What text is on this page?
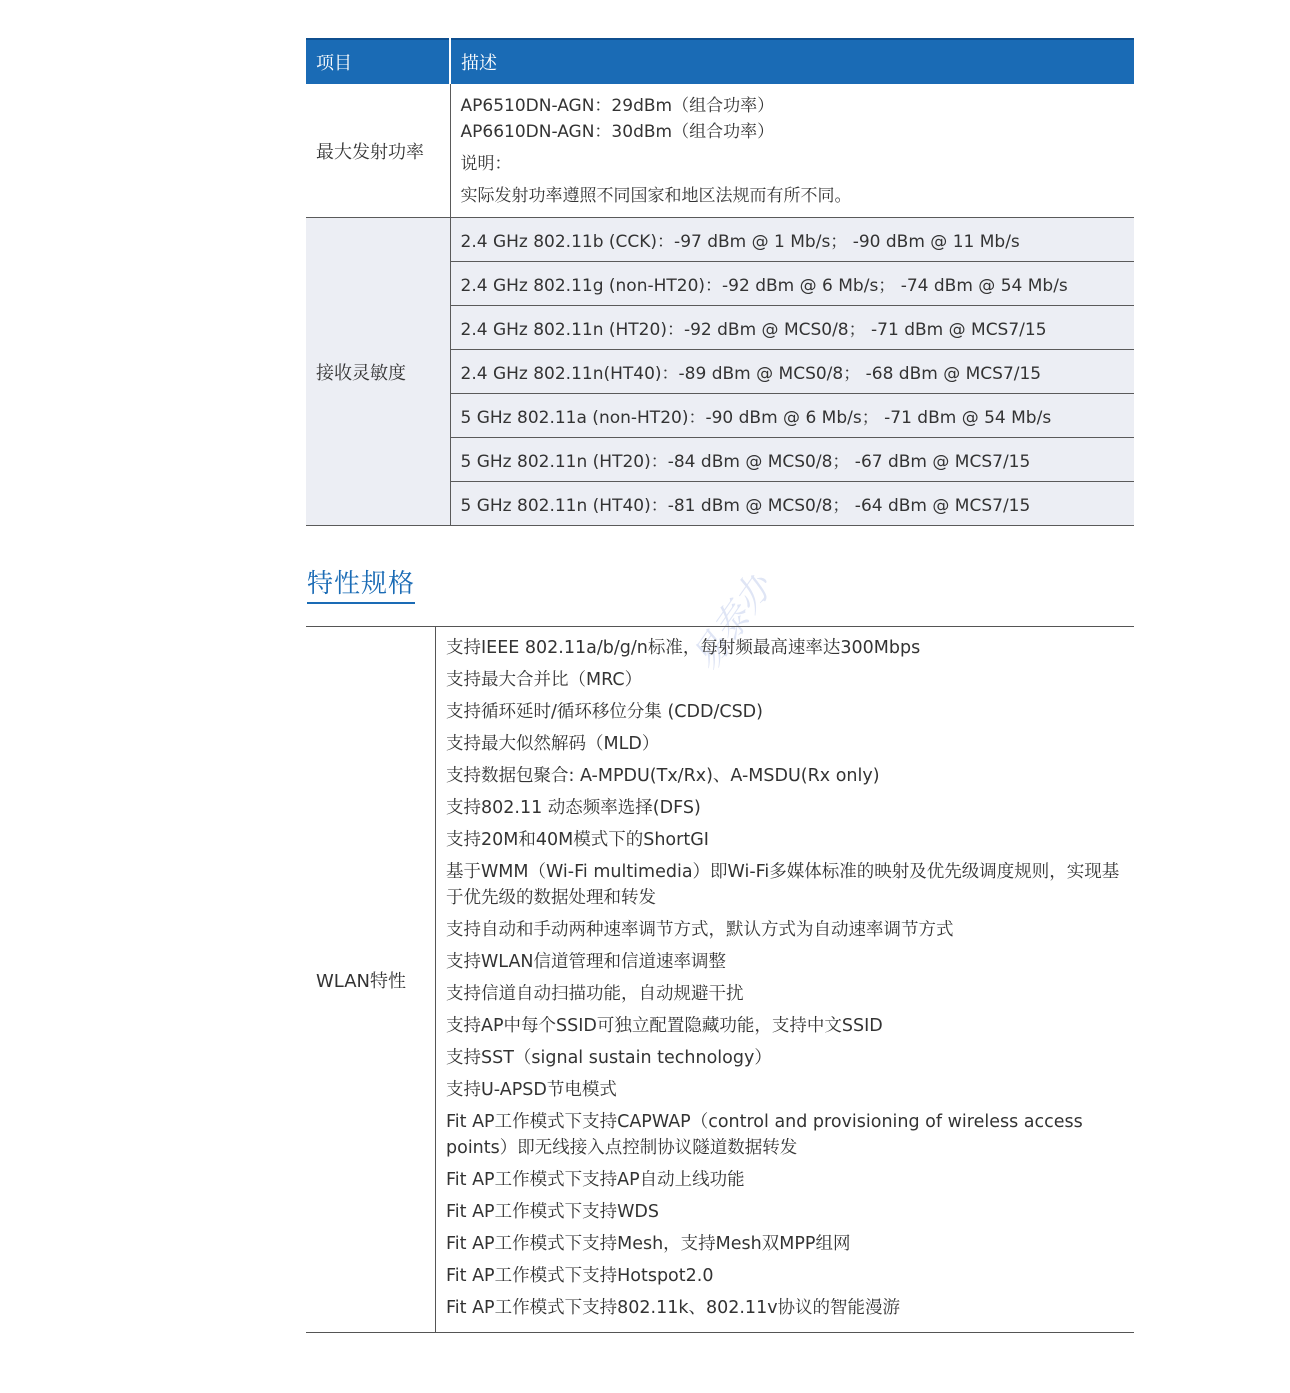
项目	描述
最大发射功率	AP6510DN-AGN：29dBm（组合功率）
AP6610DN-AGN：30dBm（组合功率）
说明：
实际发射功率遵照不同国家和地区法规而有所不同。

接收灵敏度	2.4 GHz 802.11b (CCK)：-97 dBm @ 1 Mb/s； -90 dBm @ 11 Mb/s
	2.4 GHz 802.11g (non-HT20)：-92 dBm @ 6 Mb/s； -74 dBm @ 54 Mb/s
	2.4 GHz 802.11n (HT20)：-92 dBm @ MCS0/8； -71 dBm @ MCS7/15
	2.4 GHz 802.11n(HT40)：-89 dBm @ MCS0/8； -68 dBm @ MCS7/15
	5 GHz 802.11a (non-HT20)：-90 dBm @ 6 Mb/s； -71 dBm @ 54 Mb/s
	5 GHz 802.11n (HT20)：-84 dBm @ MCS0/8； -67 dBm @ MCS7/15
	5 GHz 802.11n (HT40)：-81 dBm @ MCS0/8； -64 dBm @ MCS7/15
特性规格	易泰办
WLAN特性
支持IEEE 802.11a/b/g/n标准，每射频最高速率达300Mbps
支持最大合并比（MRC）
支持循环延时/循环移位分集 (CDD/CSD)
支持最大似然解码（MLD）
支持数据包聚合: A-MPDU(Tx/Rx)、A-MSDU(Rx only)
支持802.11 动态频率选择(DFS)
支持20M和40M模式下的ShortGI
基于WMM（Wi-Fi multimedia）即Wi-Fi多媒体标准的映射及优先级调度规则，实现基于优先级的数据处理和转发
支持自动和手动两种速率调节方式，默认方式为自动速率调节方式
支持WLAN信道管理和信道速率调整
支持信道自动扫描功能，自动规避干扰
支持AP中每个SSID可独立配置隐藏功能，支持中文SSID
支持SST（signal sustain technology）
支持U-APSD节电模式
Fit AP工作模式下支持CAPWAP（control and provisioning of wireless access points）即无线接入点控制协议隧道数据转发
Fit AP工作模式下支持AP自动上线功能
Fit AP工作模式下支持WDS
Fit AP工作模式下支持Mesh，支持Mesh双MPP组网
Fit AP工作模式下支持Hotspot2.0
Fit AP工作模式下支持802.11k、802.11v协议的智能漫游
